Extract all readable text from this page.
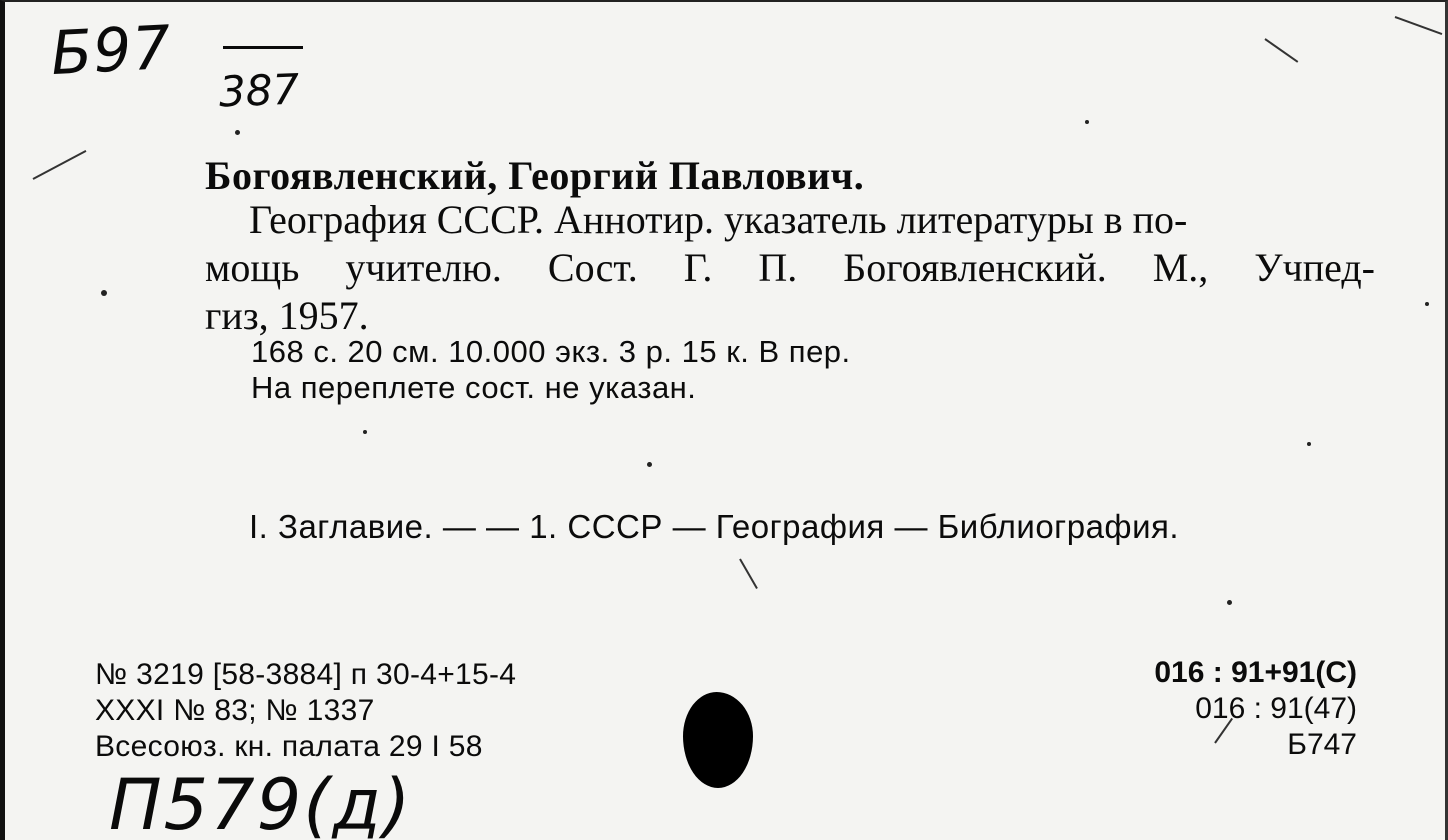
Б97
387
Богоявленский, Георгий Павлович.
География СССР. Аннотир. указатель литературы в по-
мощь учителю. Сост. Г. П. Богоявленский. М., Учпед-
гиз, 1957.
168 с. 20 см. 10.000 экз. 3 р. 15 к. В пер.
На переплете сост. не указан.
I. Заглавие. — — 1. СССР — География — Библиография.
№ 3219 [58-3884] п 30-4+15-4
XXXI № 83; № 1337
Всесоюз. кн. палата 29 I 58
016 : 91+91(С)
016 : 91(47)
Б747
П579(д)
